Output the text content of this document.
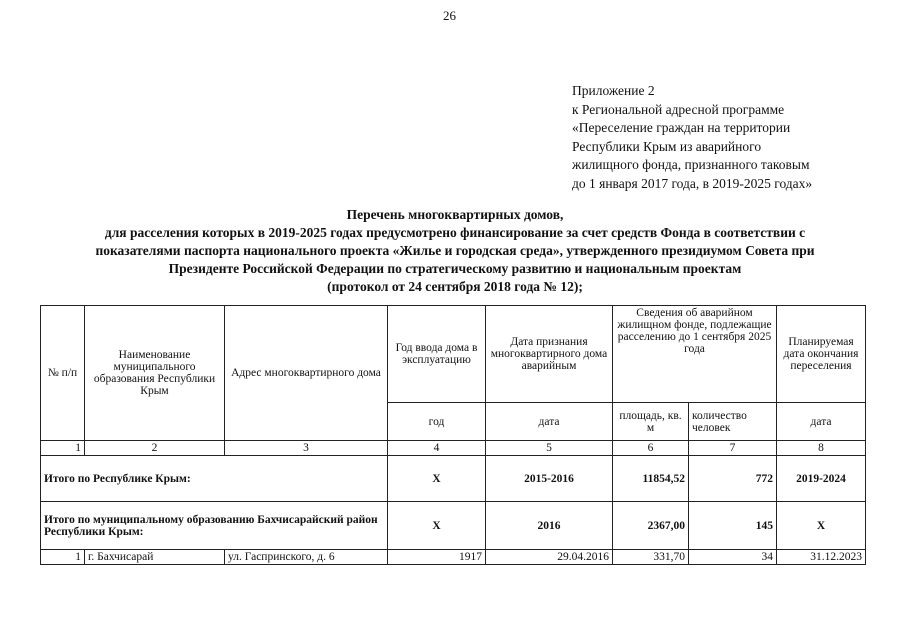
26
Приложение 2
к Региональной адресной программе
«Переселение граждан на территории
Республики Крым из аварийного
жилищного фонда, признанного таковым
до 1 января 2017 года, в 2019-2025 годах»
Перечень многоквартирных домов,
для расселения которых в 2019-2025 годах предусмотрено финансирование за счет средств Фонда в соответствии с
показателями паспорта национального проекта «Жилье и городская среда», утвержденного президиумом Совета при
Президенте Российской Федерации по стратегическому развитию и национальным проектам
(протокол от 24 сентября 2018 года № 12);
№ п/п	Наименование муниципального образования Республики Крым	Адрес многоквартирного дома	Год ввода дома в эксплуатацию	Дата признания многоквартирного дома аварийным	Сведения об аварийном жилищном фонде, подлежащие расселению до 1 сентября 2025 года		Планируемая дата окончания переселения
			год	дата	площадь, кв. м	количество человек	дата
1	2	3	4	5	6	7	8
Итого по Республике Крым:			X	2015-2016	11854,52	772	2019-2024
Итого по муниципальному образованию Бахчисарайский район Республики Крым:			X	2016	2367,00	145	X
1	г. Бахчисарай	ул. Гаспринского, д. 6	1917	29.04.2016	331,70	34	31.12.2023
